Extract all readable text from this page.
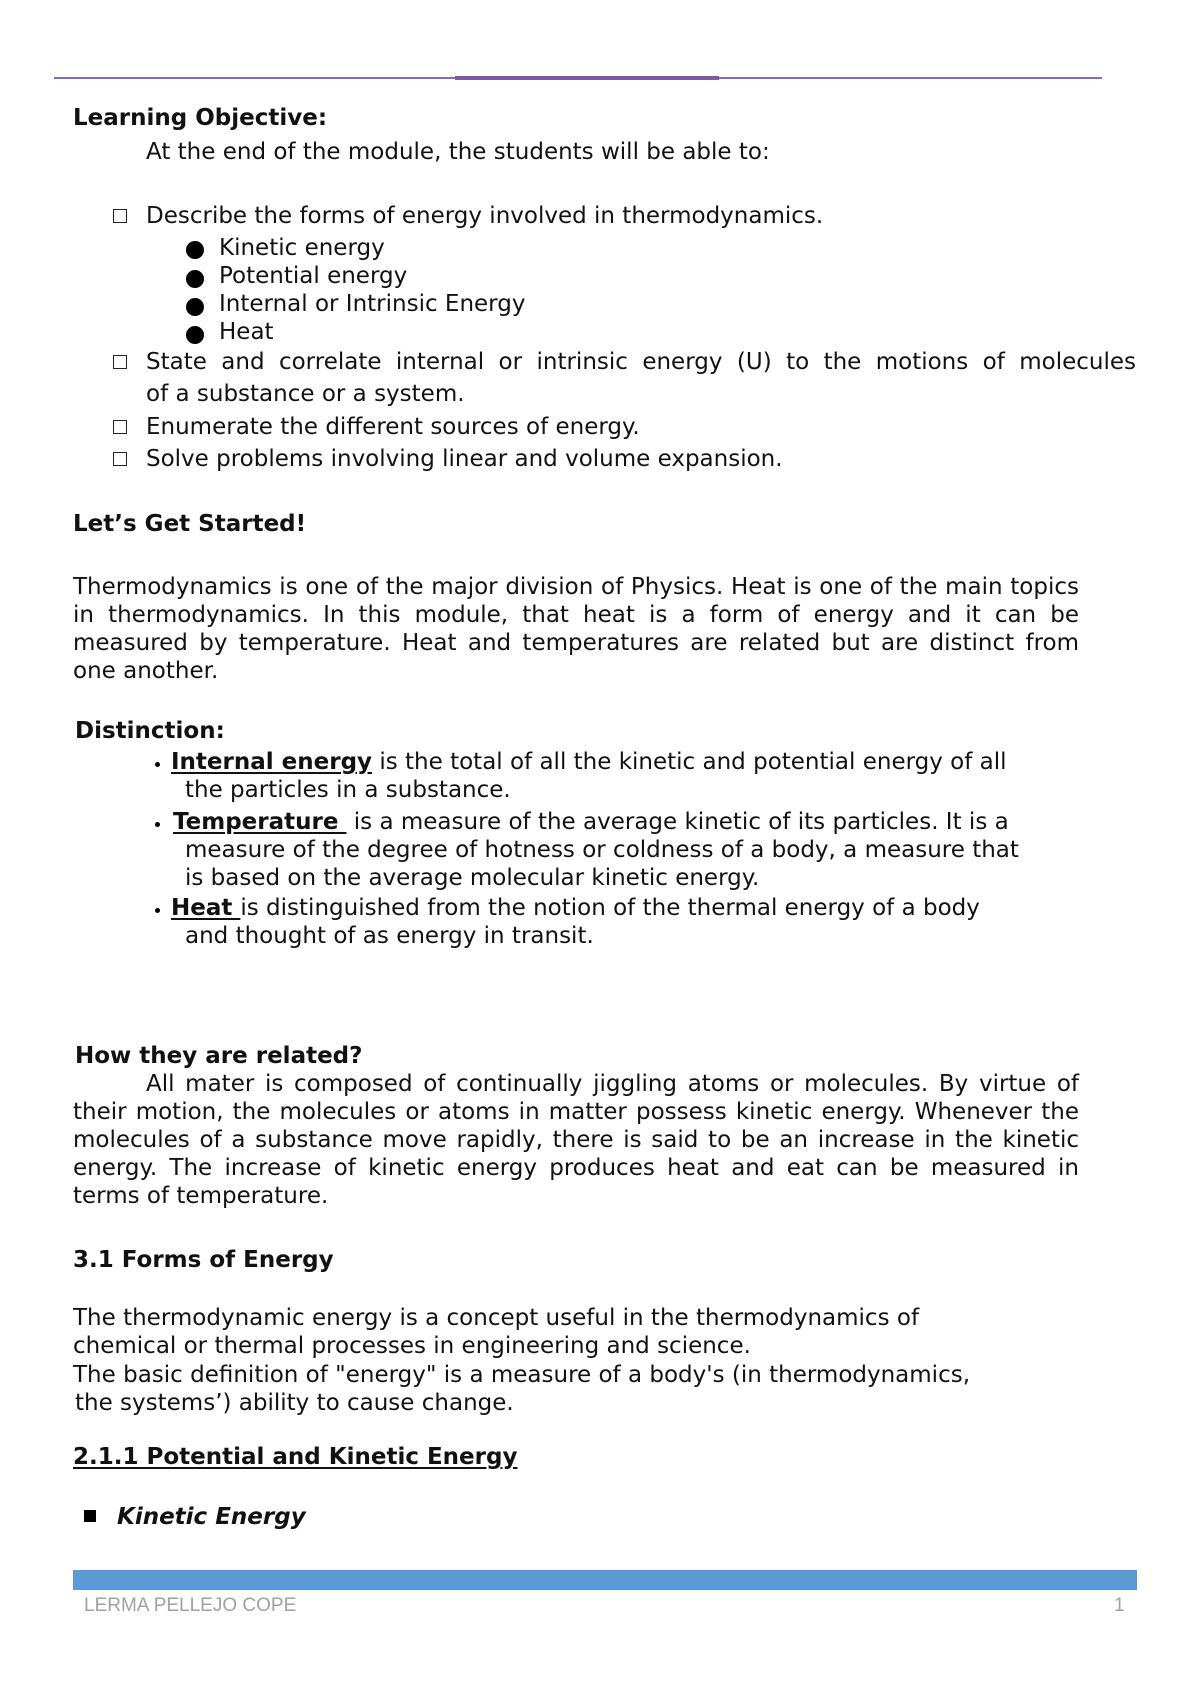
Learning Objective:
At the end of the module, the students will be able to:
Describe the forms of energy involved in thermodynamics.
Kinetic energy
Potential energy
Internal or Intrinsic Energy
Heat
State and correlate internal or intrinsic energy (U) to the motions of molecules
of a substance or a system.
Enumerate the different sources of energy.
Solve problems involving linear and volume expansion.
Let’s Get Started!
Thermodynamics is one of the major division of Physics. Heat is one of the main topics in thermodynamics. In this module, that heat is a form of energy and it can be measured by temperature. Heat and temperatures are related but are distinct from one another.
Distinction:
Internal energy is the total of all the kinetic and potential energy of all
the particles in a substance.
Temperature  is a measure of the average kinetic of its particles. It is a
measure of the degree of hotness or coldness of a body, a measure that
is based on the average molecular kinetic energy.
Heat is distinguished from the notion of the thermal energy of a body
and thought of as energy in transit.
How they are related?
All mater is composed of continually jiggling atoms or molecules. By virtue of their motion, the molecules or atoms in matter possess kinetic energy. Whenever the molecules of a substance move rapidly, there is said to be an increase in the kinetic energy. The increase of kinetic energy produces heat and eat can be measured in terms of temperature.
3.1 Forms of Energy
The thermodynamic energy is a concept useful in the thermodynamics of
chemical or thermal processes in engineering and science.
The basic definition of "energy" is a measure of a body's (in thermodynamics,
the systems’) ability to cause change.
2.1.1 Potential and Kinetic Energy
Kinetic Energy
LERMA PELLEJO COPE	1
